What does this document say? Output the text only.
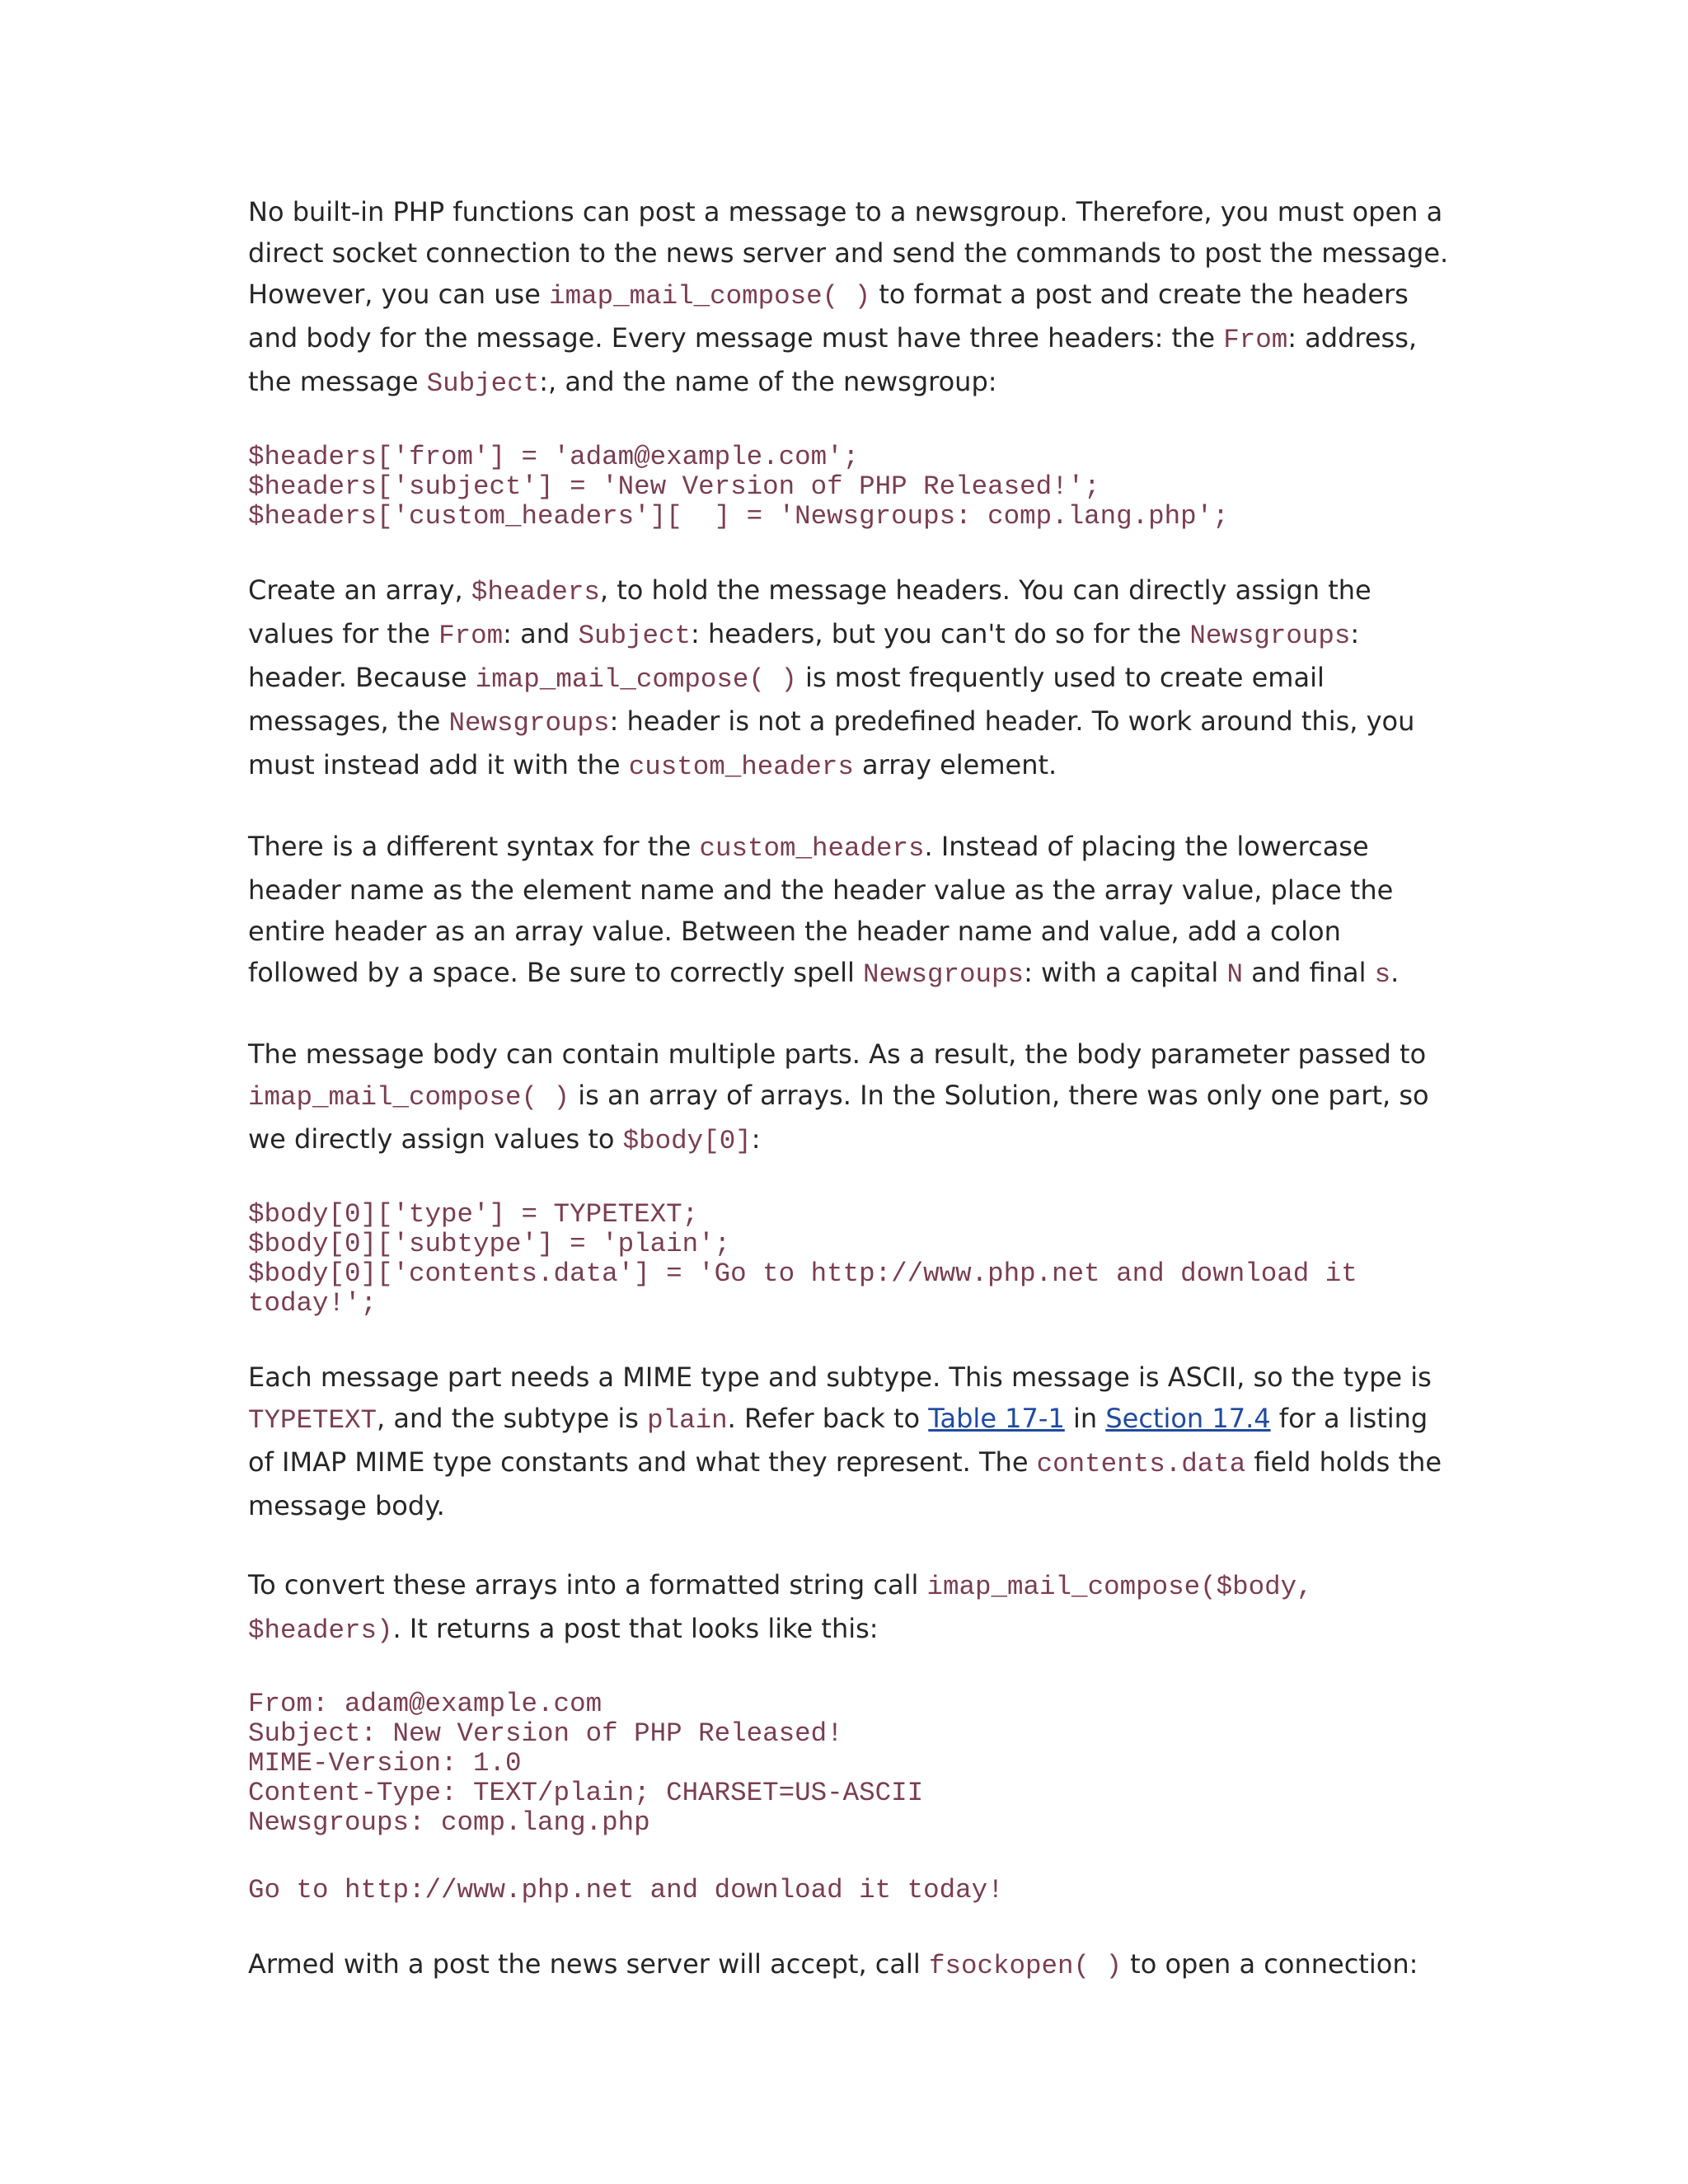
No built-in PHP functions can post a message to a newsgroup. Therefore, you must open a direct socket connection to the news server and send the commands to post the message. However, you can use imap_mail_compose( ) to format a post and create the headers and body for the message. Every message must have three headers: the From: address, the message Subject:, and the name of the newsgroup:

$headers['from'] = 'adam@example.com';
$headers['subject'] = 'New Version of PHP Released!';
$headers['custom_headers'][  ] = 'Newsgroups: comp.lang.php';

Create an array, $headers, to hold the message headers. You can directly assign the values for the From: and Subject: headers, but you can't do so for the Newsgroups: header. Because imap_mail_compose( ) is most frequently used to create email messages, the Newsgroups: header is not a predefined header. To work around this, you must instead add it with the custom_headers array element.

There is a different syntax for the custom_headers. Instead of placing the lowercase header name as the element name and the header value as the array value, place the entire header as an array value. Between the header name and value, add a colon followed by a space. Be sure to correctly spell Newsgroups: with a capital N and final s.

The message body can contain multiple parts. As a result, the body parameter passed to imap_mail_compose( ) is an array of arrays. In the Solution, there was only one part, so we directly assign values to $body[0]:

$body[0]['type'] = TYPETEXT;
$body[0]['subtype'] = 'plain';
$body[0]['contents.data'] = 'Go to http://www.php.net and download it
today!';

Each message part needs a MIME type and subtype. This message is ASCII, so the type is TYPETEXT, and the subtype is plain. Refer back to Table 17-1 in Section 17.4 for a listing of IMAP MIME type constants and what they represent. The contents.data field holds the message body.

To convert these arrays into a formatted string call imap_mail_compose($body,
$headers). It returns a post that looks like this:

From: adam@example.com
Subject: New Version of PHP Released!
MIME-Version: 1.0
Content-Type: TEXT/plain; CHARSET=US-ASCII
Newsgroups: comp.lang.php
Go to http://www.php.net and download it today!

Armed with a post the news server will accept, call fsockopen( ) to open a connection:
